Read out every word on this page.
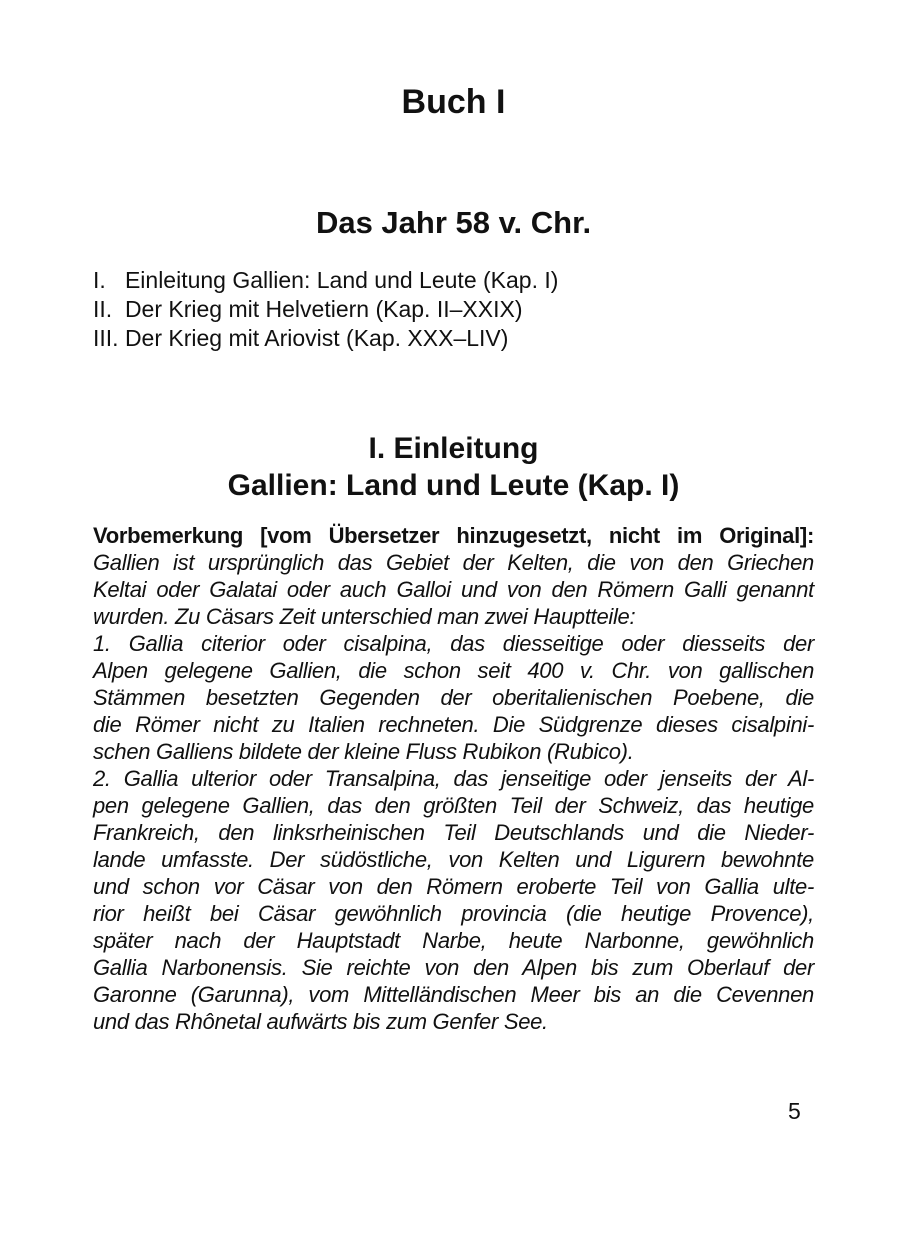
Buch I
Das Jahr 58 v. Chr.
I.   Einleitung Gallien: Land und Leute (Kap. I)
II.  Der Krieg mit Helvetiern (Kap. II–XXIX)
III. Der Krieg mit Ariovist (Kap. XXX–LIV)
I. Einleitung
Gallien: Land und Leute (Kap. I)
Vorbemerkung [vom Übersetzer hinzugesetzt, nicht im Original]:
Gallien ist ursprünglich das Gebiet der Kelten, die von den Griechen
Keltai oder Galatai oder auch Galloi und von den Römern Galli genannt
wurden. Zu Cäsars Zeit unterschied man zwei Hauptteile:
1. Gallia citerior oder cisalpina, das diesseitige oder diesseits der
Alpen gelegene Gallien, die schon seit 400 v. Chr. von gallischen
Stämmen besetzten Gegenden der oberitalienischen Poebene, die
die Römer nicht zu Italien rechneten. Die Südgrenze dieses cisalpini-
schen Galliens bildete der kleine Fluss Rubikon (Rubico).
2. Gallia ulterior oder Transalpina, das jenseitige oder jenseits der Al-
pen gelegene Gallien, das den größten Teil der Schweiz, das heutige
Frankreich, den linksrheinischen Teil Deutschlands und die Nieder-
lande umfasste. Der südöstliche, von Kelten und Ligurern bewohnte
und schon vor Cäsar von den Römern eroberte Teil von Gallia ulte-
rior heißt bei Cäsar gewöhnlich provincia (die heutige Provence),
später nach der Hauptstadt Narbe, heute Narbonne, gewöhnlich
Gallia Narbonensis. Sie reichte von den Alpen bis zum Oberlauf der
Garonne (Garunna), vom Mittelländischen Meer bis an die Cevennen
und das Rhônetal aufwärts bis zum Genfer See.
5
